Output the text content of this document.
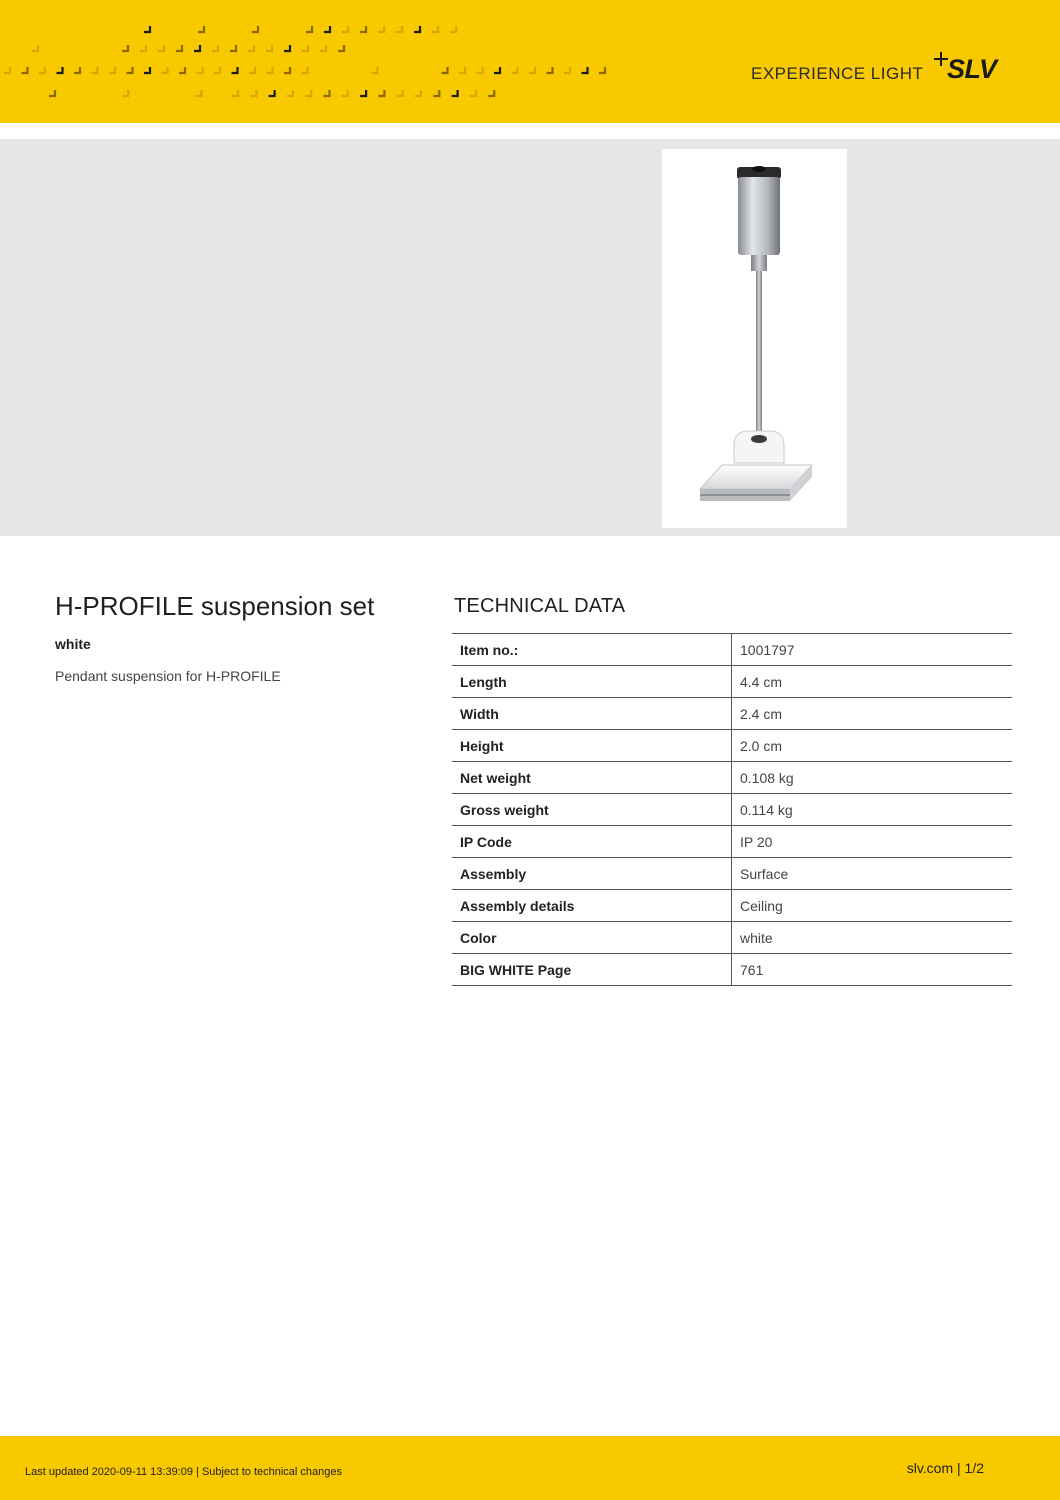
EXPERIENCE LIGHT SLV
H-PROFILE suspension set
white
Pendant suspension for H-PROFILE
TECHNICAL DATA
Item no.:	1001797
Length	4.4 cm
Width	2.4 cm
Height	2.0 cm
Net weight	0.108 kg
Gross weight	0.114 kg
IP Code	IP 20
Assembly	Surface
Assembly details	Ceiling
Color	white
BIG WHITE Page	761
Last updated 2020-09-11 13:39:09 | Subject to technical changes	slv.com | 1/2
